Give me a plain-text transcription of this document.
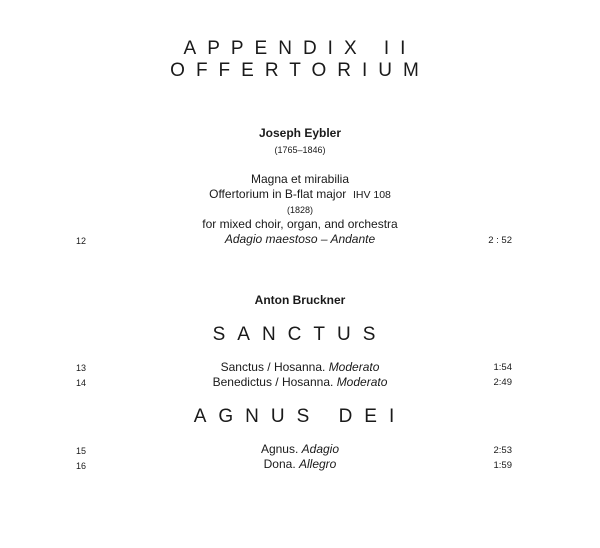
APPENDIX II
OFFERTORIUM
Joseph Eybler
(1765–1846)
Magna et mirabilia
Offertorium in B-flat major IHV 108
(1828)
for mixed choir, organ, and orchestra
12	Adagio maestoso – Andante	2 : 52
Anton Bruckner
SANCTUS
13	Sanctus / Hosanna. Moderato	1:54
14	Benedictus / Hosanna. Moderato	2:49
AGNUS DEI
15	Agnus. Adagio	2:53
16	Dona. Allegro	1:59
